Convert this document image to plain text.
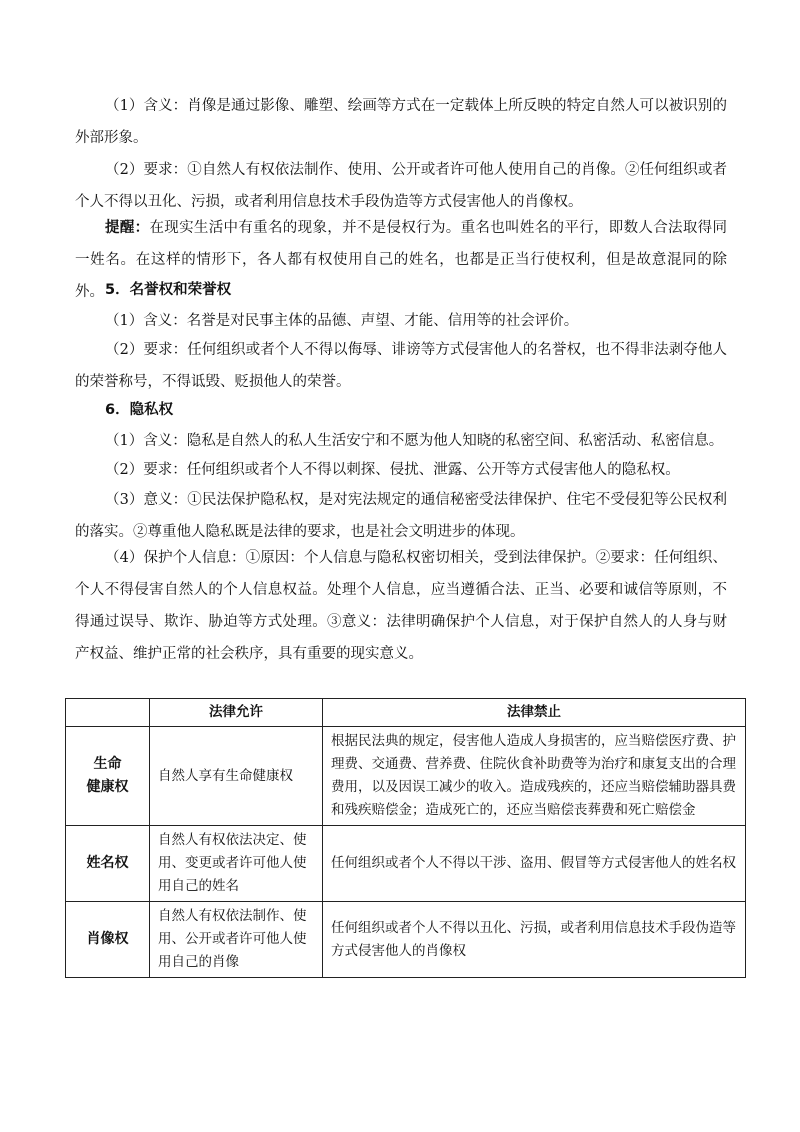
（1）含义：肖像是通过影像、雕塑、绘画等方式在一定载体上所反映的特定自然人可以被识别的外部形象。

（2）要求：①自然人有权依法制作、使用、公开或者许可他人使用自己的肖像。②任何组织或者个人不得以丑化、污损，或者利用信息技术手段伪造等方式侵害他人的肖像权。

提醒：在现实生活中有重名的现象，并不是侵权行为。重名也叫姓名的平行，即数人合法取得同一姓名。在这样的情形下，各人都有权使用自己的姓名，也都是正当行使权利，但是故意混同的除外。 5．名誉权和荣誉权

（1）含义：名誉是对民事主体的品德、声望、才能、信用等的社会评价。

（2）要求：任何组织或者个人不得以侮辱、诽谤等方式侵害他人的名誉权，也不得非法剥夺他人的荣誉称号，不得诋毁、贬损他人的荣誉。

6．隐私权

（1）含义：隐私是自然人的私人生活安宁和不愿为他人知晓的私密空间、私密活动、私密信息。

（2）要求：任何组织或者个人不得以刺探、侵扰、泄露、公开等方式侵害他人的隐私权。

（3）意义：①民法保护隐私权，是对宪法规定的通信秘密受法律保护、住宅不受侵犯等公民权利的落实。②尊重他人隐私既是法律的要求，也是社会文明进步的体现。

（4）保护个人信息：①原因：个人信息与隐私权密切相关，受到法律保护。②要求：任何组织、个人不得侵害自然人的个人信息权益。处理个人信息，应当遵循合法、正当、必要和诚信等原则，不得通过误导、欺诈、胁迫等方式处理。③意义：法律明确保护个人信息，对于保护自然人的人身与财产权益、维护正常的社会秩序，具有重要的现实意义。

	法律允许	法律禁止

生命
健康权	自然人享有生命健康权	根据民法典的规定，侵害他人造成人身损害的，应当赔偿医疗费、护理费、交通费、营养费、住院伙食补助费等为治疗和康复支出的合理费用，以及因误工减少的收入。造成残疾的，还应当赔偿辅助器具费和残疾赔偿金；造成死亡的，还应当赔偿丧葬费和死亡赔偿金
姓名权	自然人有权依法决定、使用、变更或者许可他人使用自己的姓名	任何组织或者个人不得以干涉、盗用、假冒等方式侵害他人的姓名权
肖像权	自然人有权依法制作、使用、公开或者许可他人使用自己的肖像	任何组织或者个人不得以丑化、污损，或者利用信息技术手段伪造等方式侵害他人的肖像权
